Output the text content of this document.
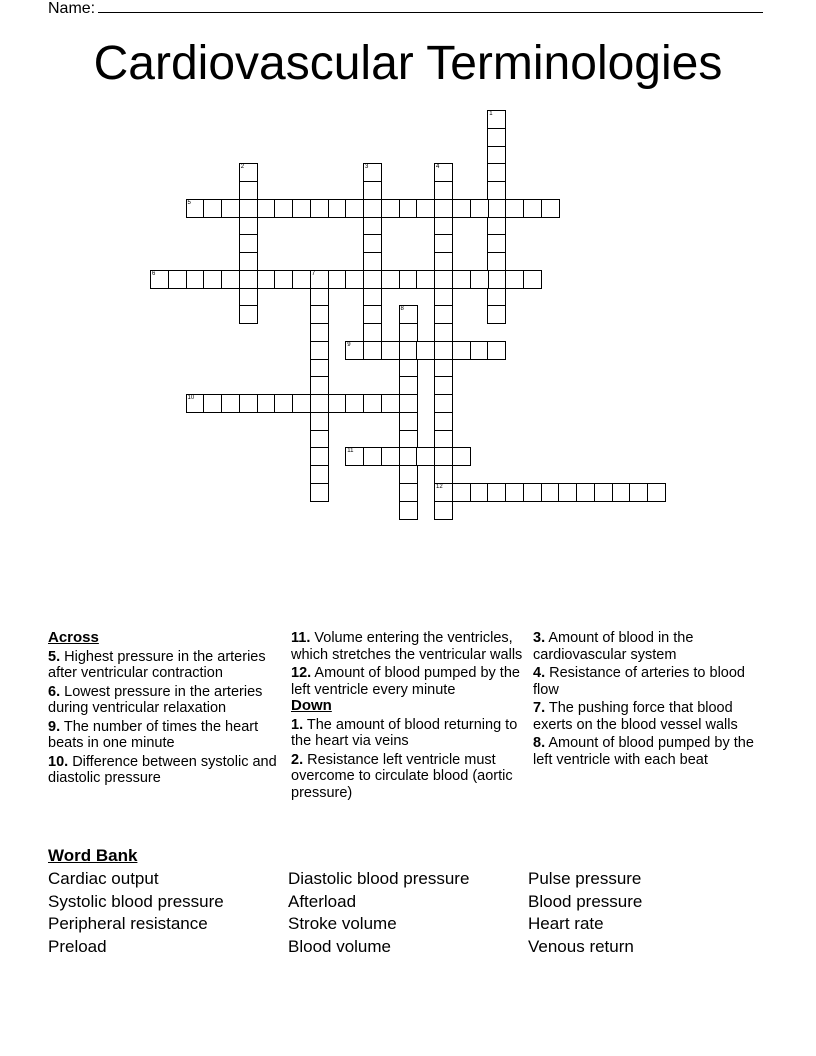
Name:
Cardiovascular Terminologies
1
2	3	4
12
5
6	7
8
9
10
11
Across
5. Highest pressure in the arteries after ventricular contraction
6. Lowest pressure in the arteries during ventricular relaxation
9. The number of times the heart beats in one minute
10. Difference between systolic and diastolic pressure
11. Volume entering the ventricles, which stretches the ventricular walls
12. Amount of blood pumped by the left ventricle every minute
Down
1. The amount of blood returning to the heart via veins
2. Resistance left ventricle must overcome to circulate blood (aortic pressure)
3. Amount of blood in the cardiovascular system
4. Resistance of arteries to blood flow
7. The pushing force that blood exerts on the blood vessel walls
8. Amount of blood pumped by the left ventricle with each beat
Word Bank
Cardiac output	Diastolic blood pressure	Pulse pressure
Systolic blood pressure	Afterload	Blood pressure
Peripheral resistance	Stroke volume	Heart rate
Preload	Blood volume	Venous return
